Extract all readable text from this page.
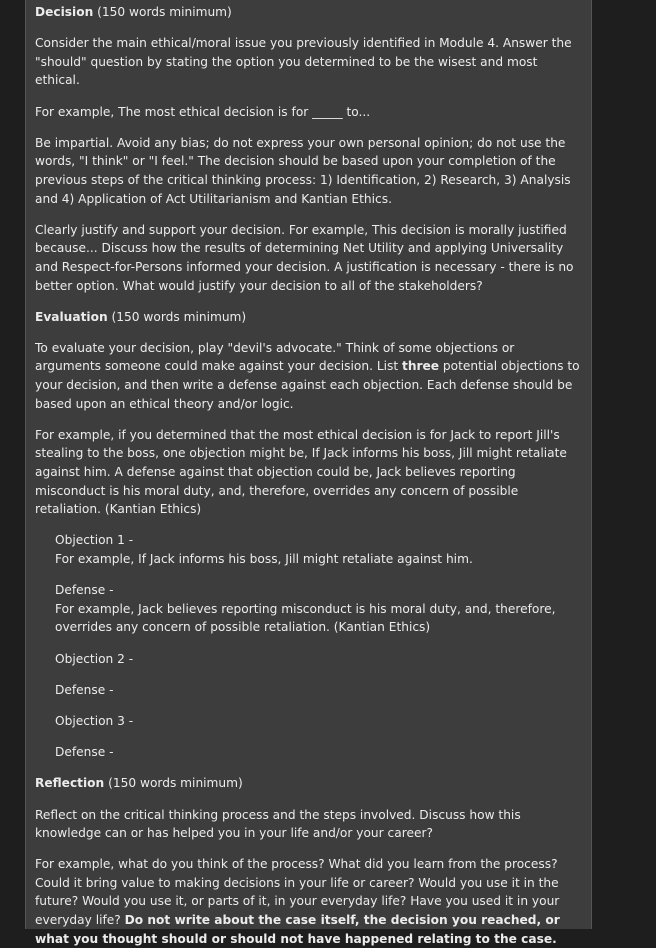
Decision (150 words minimum)

Consider the main ethical/moral issue you previously identified in Module 4. Answer the "should" question by stating the option you determined to be the wisest and most ethical.

For example, The most ethical decision is for _____ to...

Be impartial. Avoid any bias; do not express your own personal opinion; do not use the words, "I think" or "I feel." The decision should be based upon your completion of the previous steps of the critical thinking process: 1) Identification, 2) Research, 3) Analysis and 4) Application of Act Utilitarianism and Kantian Ethics.

Clearly justify and support your decision. For example, This decision is morally justified because... Discuss how the results of determining Net Utility and applying Universality and Respect-for-Persons informed your decision. A justification is necessary - there is no better option. What would justify your decision to all of the stakeholders?

Evaluation (150 words minimum)

To evaluate your decision, play "devil's advocate." Think of some objections or arguments someone could make against your decision. List three potential objections to your decision, and then write a defense against each objection. Each defense should be based upon an ethical theory and/or logic.

For example, if you determined that the most ethical decision is for Jack to report Jill's stealing to the boss, one objection might be, If Jack informs his boss, Jill might retaliate against him. A defense against that objection could be, Jack believes reporting misconduct is his moral duty, and, therefore, overrides any concern of possible retaliation. (Kantian Ethics)

Objection 1 -

For example, If Jack informs his boss, Jill might retaliate against him.

Defense -

For example, Jack believes reporting misconduct is his moral duty, and, therefore, overrides any concern of possible retaliation. (Kantian Ethics)

Objection 2 -

Defense -

Objection 3 -

Defense -

Reflection (150 words minimum)

Reflect on the critical thinking process and the steps involved. Discuss how this knowledge can or has helped you in your life and/or your career?

For example, what do you think of the process? What did you learn from the process? Could it bring value to making decisions in your life or career? Would you use it in the future? Would you use it, or parts of it, in your everyday life? Have you used it in your everyday life? Do not write about the case itself, the decision you reached, or what you thought should or should not have happened relating to the case.
